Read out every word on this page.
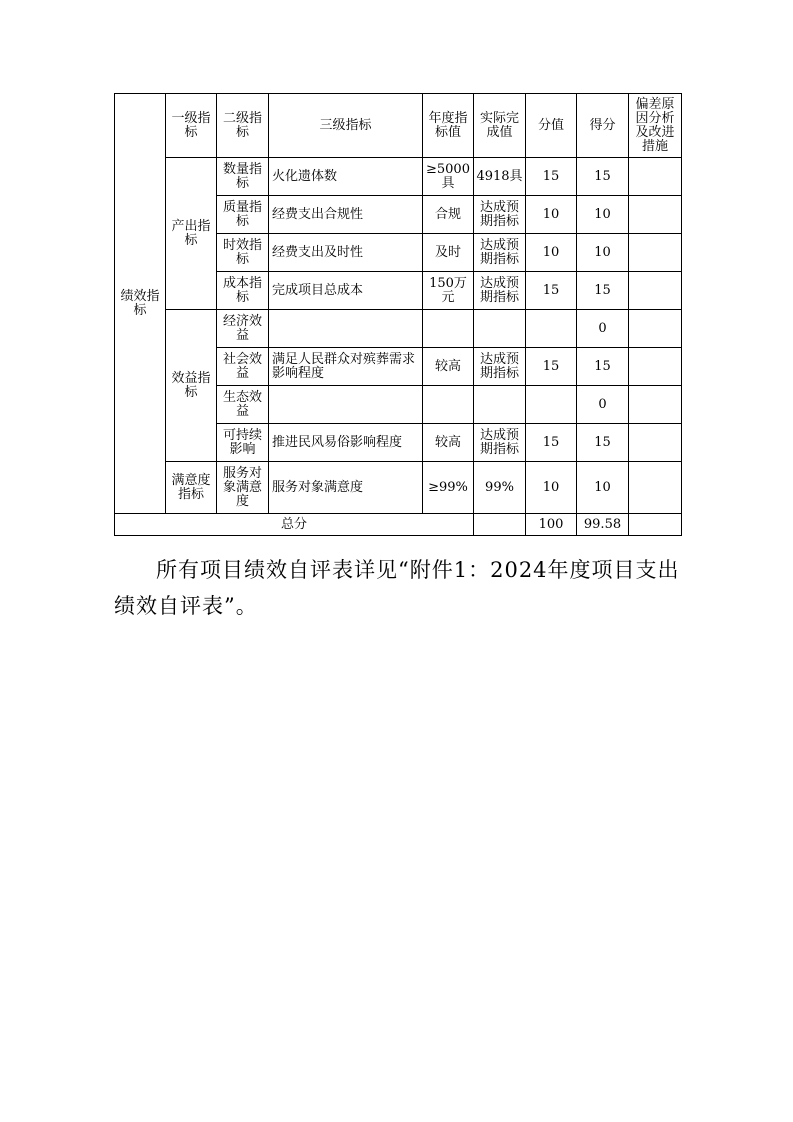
绩效指标	一级指标	二级指标	三级指标	年度指标值	实际完成值	分值	得分	偏差原因分析及改进措施
	产出指标	数量指标	火化遗体数	≥5000具	4918具	15	15	
		质量指标	经费支出合规性	合规	达成预期指标	10	10	
		时效指标	经费支出及时性	及时	达成预期指标	10	10	
		成本指标	完成项目总成本	150万元	达成预期指标	15	15	
	效益指标	经济效益					0	
		社会效益	满足人民群众对殡葬需求影响程度	较高	达成预期指标	15	15	
		生态效益					0	
		可持续影响	推进民风易俗影响程度	较高	达成预期指标	15	15	
	满意度指标	服务对象满意度	服务对象满意度	≥99%	99%	10	10	
总分						100	99.58	
所有项目绩效自评表详见“附件1：2024年度项目支出绩效自评表”。
